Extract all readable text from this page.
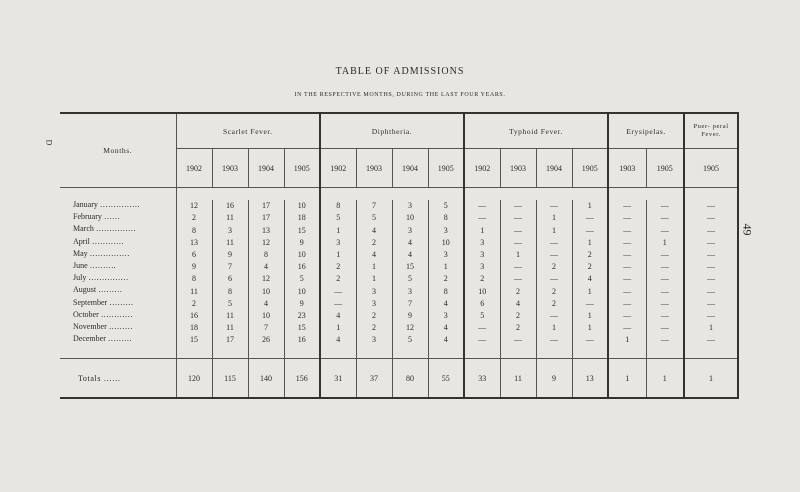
TABLE OF ADMISSIONS
IN THE RESPECTIVE MONTHS, DURING THE LAST FOUR YEARS.
D
49
Months.	Scarlet Fever.				Diphtheria.				Typhoid Fever.				Erysipelas.		Puer- peral Fever.
	1902	1903	1904	1905	1902	1903	1904	1905	1902	1903	1904	1905	1903	1905	1905

January ……………	12	16	17	10	8	7	3	5	—	—	—	1	—	—	—
February ……	2	11	17	18	5	5	10	8	—	—	1	—	—	—	—
March ……………	8	3	13	15	1	4	3	3	1	—	1	—	—	—	—
April …………	13	11	12	9	3	2	4	10	3	—	—	1	—	1	—
May ……………	6	9	8	10	1	4	4	3	3	1	—	2	—	—	—
June ……….	9	7	4	16	2	1	15	1	3	—	2	2	—	—	—
July ……………	8	6	12	5	2	1	5	2	2	—	—	4	—	—	—
August ………	11	8	10	10	—	3	3	8	10	2	2	1	—	—	—
September ………	2	5	4	9	—	3	7	4	6	4	2	—	—	—	—
October …………	16	11	10	23	4	2	9	3	5	2	—	1	—	—	—
November ………	18	11	7	15	1	2	12	4	—	2	1	1	—	—	1
December ………	15	17	26	16	4	3	5	4	—	—	—	—	1	—	—

Totals ……	120	115	140	156	31	37	80	55	33	11	9	13	1	1	1
